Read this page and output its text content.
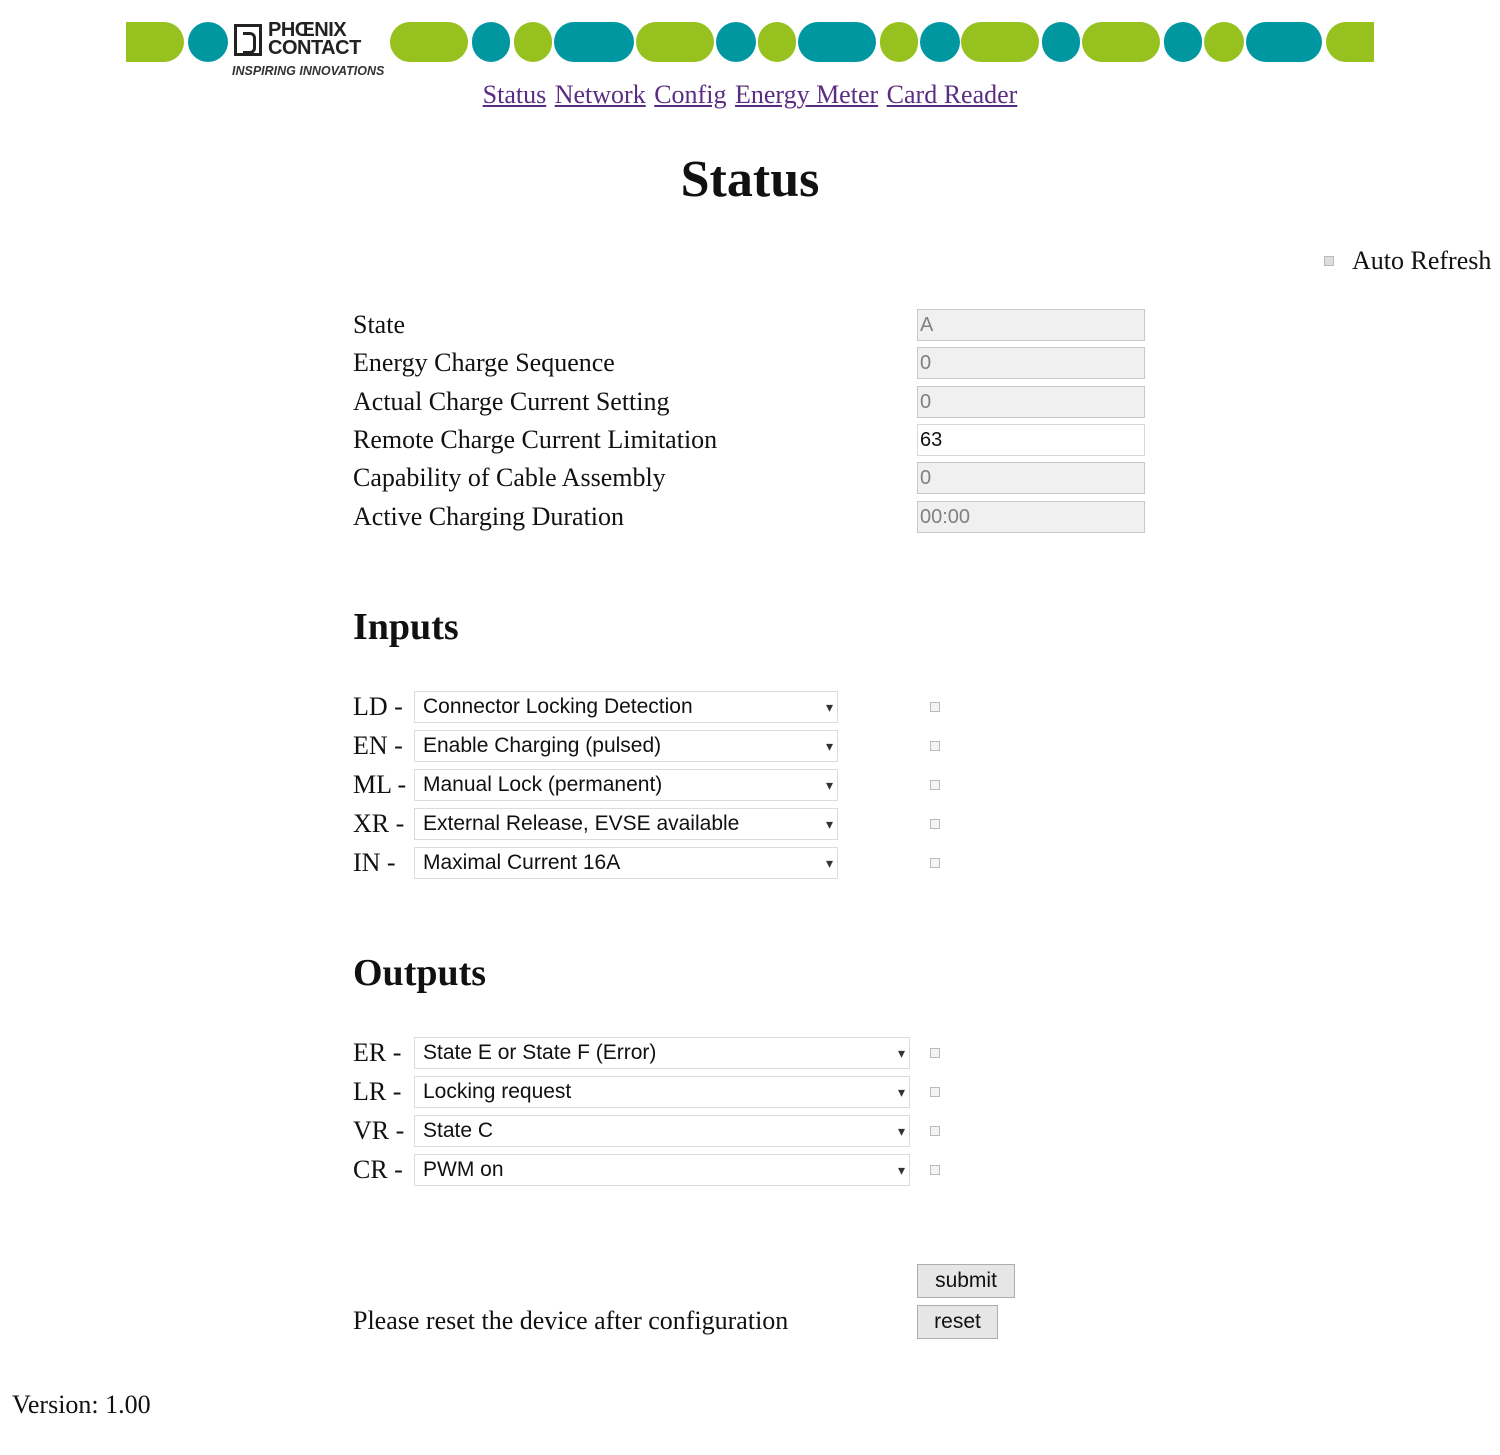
PHŒNIX
CONTACT
INSPIRING INNOVATIONS
Status Network Config Energy Meter Card Reader
Status
Auto Refresh
State	A
Energy Charge Sequence	0
Actual Charge Current Setting	0
Remote Charge Current Limitation	63
Capability of Cable Assembly	0
Active Charging Duration	00:00
Inputs
LD - Connector Locking Detection	▾
EN - Enable Charging (pulsed)	▾
ML - Manual Lock (permanent)	▾
XR - External Release, EVSE available	▾
IN -	Maximal Current 16A	▾
Outputs
ER -	State E or State F (Error)	▾
LR -	Locking request	▾
VR - State C	▾
CR - PWM on	▾
submit
reset
Please reset the device after configuration
Version: 1.00
